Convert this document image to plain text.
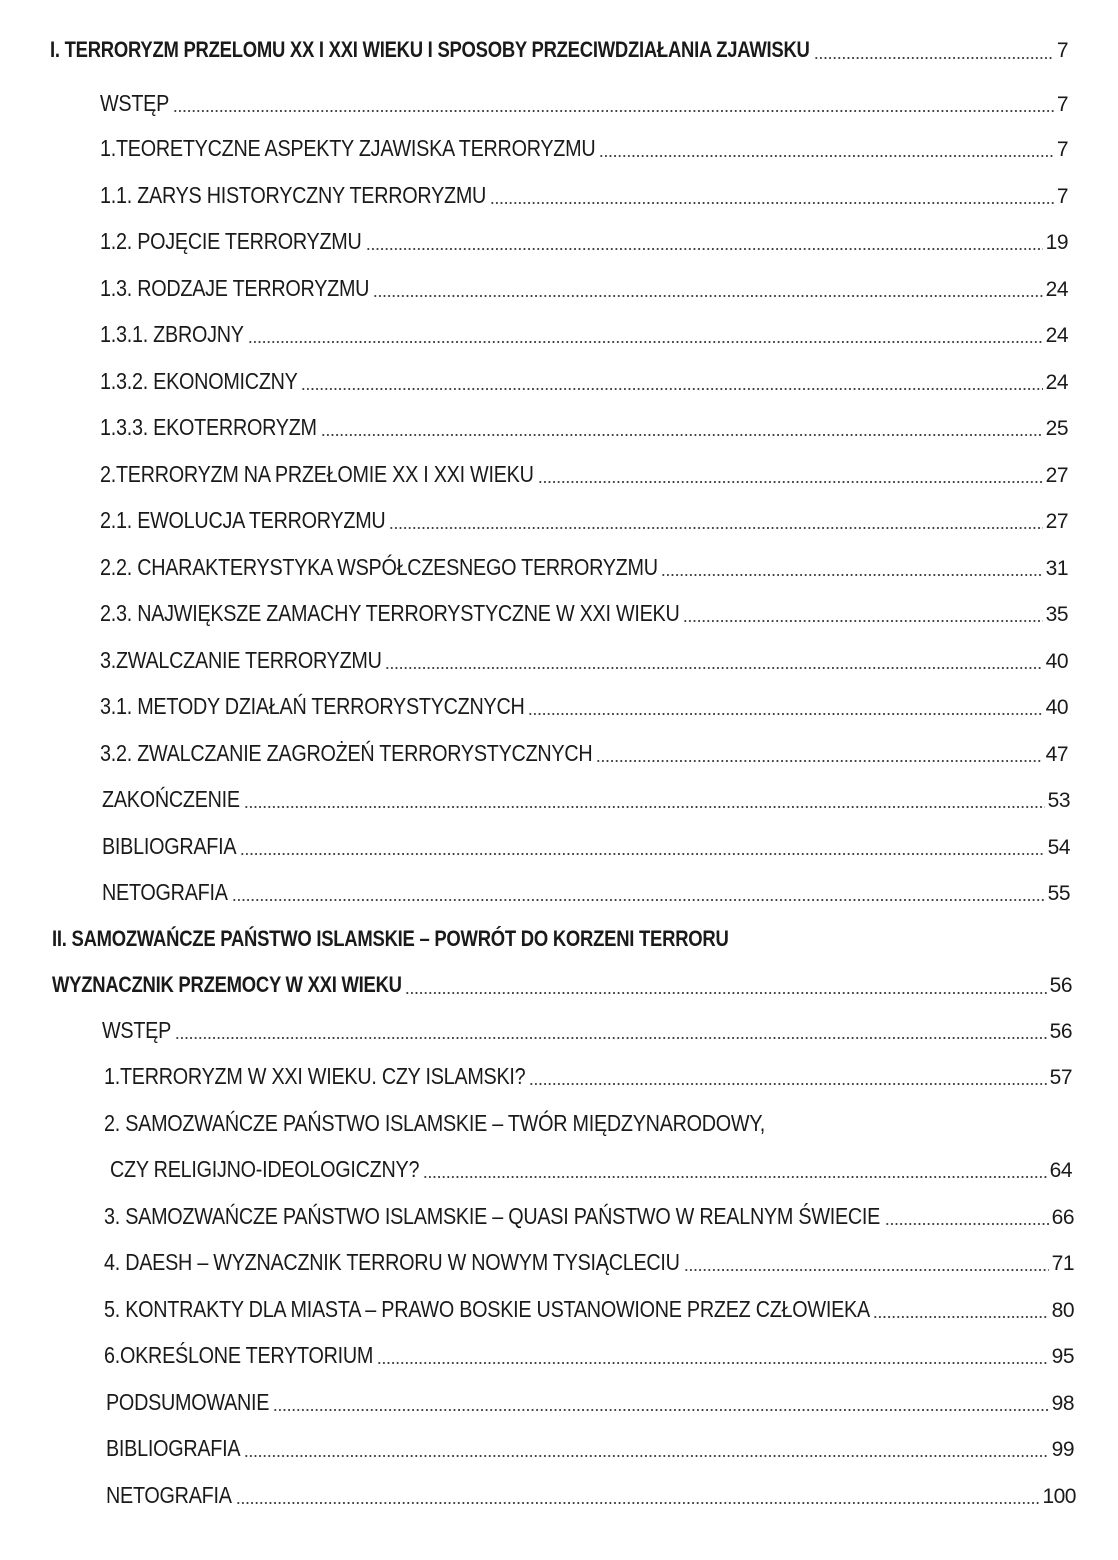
I. TERRORYZM PRZELOMU XX I XXI WIEKU I SPOSOBY PRZECIWDZIAŁANIA ZJAWISKU	7
WSTĘP	7
1.TEORETYCZNE ASPEKTY ZJAWISKA TERRORYZMU	7
1.1. ZARYS HISTORYCZNY TERRORYZMU	7
1.2. POJĘCIE TERRORYZMU	19
1.3. RODZAJE TERRORYZMU	24
1.3.1. ZBROJNY	24
1.3.2. EKONOMICZNY	24
1.3.3. EKOTERRORYZM	25
2.TERRORYZM NA PRZEŁOMIE XX I XXI WIEKU	27
2.1. EWOLUCJA TERRORYZMU	27
2.2. CHARAKTERYSTYKA WSPÓŁCZESNEGO TERRORYZMU	31
2.3. NAJWIĘKSZE ZAMACHY TERRORYSTYCZNE W XXI WIEKU	35
3.ZWALCZANIE TERRORYZMU	40
3.1. METODY DZIAŁAŃ TERRORYSTYCZNYCH	40
3.2. ZWALCZANIE ZAGROŻEŃ TERRORYSTYCZNYCH	47
ZAKOŃCZENIE	53
BIBLIOGRAFIA	54
NETOGRAFIA	55
II. SAMOZWAŃCZE PAŃSTWO ISLAMSKIE – POWRÓT DO KORZENI TERRORU
WYZNACZNIK PRZEMOCY W XXI WIEKU	56
WSTĘP	56
1.TERRORYZM W XXI WIEKU. CZY ISLAMSKI?	57
2. SAMOZWAŃCZE PAŃSTWO ISLAMSKIE – TWÓR MIĘDZYNARODOWY,
CZY RELIGIJNO-IDEOLOGICZNY?	64
3. SAMOZWAŃCZE PAŃSTWO ISLAMSKIE – QUASI PAŃSTWO W REALNYM ŚWIECIE	66
4. DAESH – WYZNACZNIK TERRORU W NOWYM TYSIĄCLECIU	71
5. KONTRAKTY DLA MIASTA – PRAWO BOSKIE USTANOWIONE PRZEZ CZŁOWIEKA	80
6.OKREŚLONE TERYTORIUM	95
PODSUMOWANIE	98
BIBLIOGRAFIA	99
NETOGRAFIA	100
